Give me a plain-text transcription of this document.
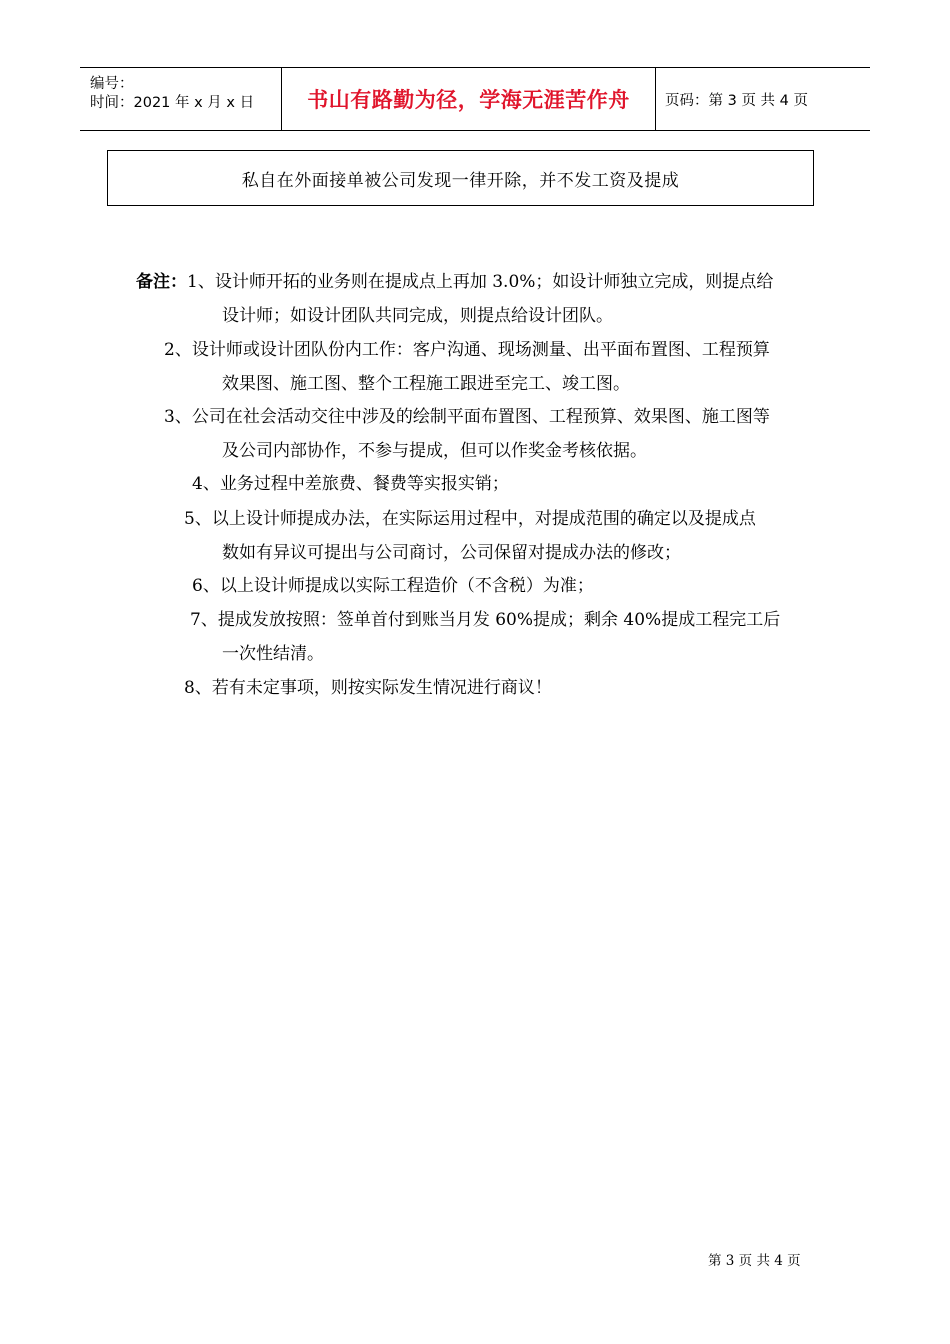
编号：
时间：2021 年 x 月 x 日	书山有路勤为径，学海无涯苦作舟 页码：第 3 页 共 4 页
私自在外面接单被公司发现一律开除，并不发工资及提成
备注：1、设计师开拓的业务则在提成点上再加 3.0%；如设计师独立完成，则提点给
设计师；如设计团队共同完成，则提点给设计团队。
2、设计师或设计团队份内工作：客户沟通、现场测量、出平面布置图、工程预算
效果图、施工图、整个工程施工跟进至完工、竣工图。
3、公司在社会活动交往中涉及的绘制平面布置图、工程预算、效果图、施工图等
及公司内部协作，不参与提成，但可以作奖金考核依据。
4、业务过程中差旅费、餐费等实报实销；
5、以上设计师提成办法，在实际运用过程中，对提成范围的确定以及提成点
数如有异议可提出与公司商讨，公司保留对提成办法的修改；
6、以上设计师提成以实际工程造价（不含税）为准；
7、提成发放按照：签单首付到账当月发 60%提成；剩余 40%提成工程完工后
一次性结清。
8、若有未定事项，则按实际发生情况进行商议！
第 3 页 共 4 页
